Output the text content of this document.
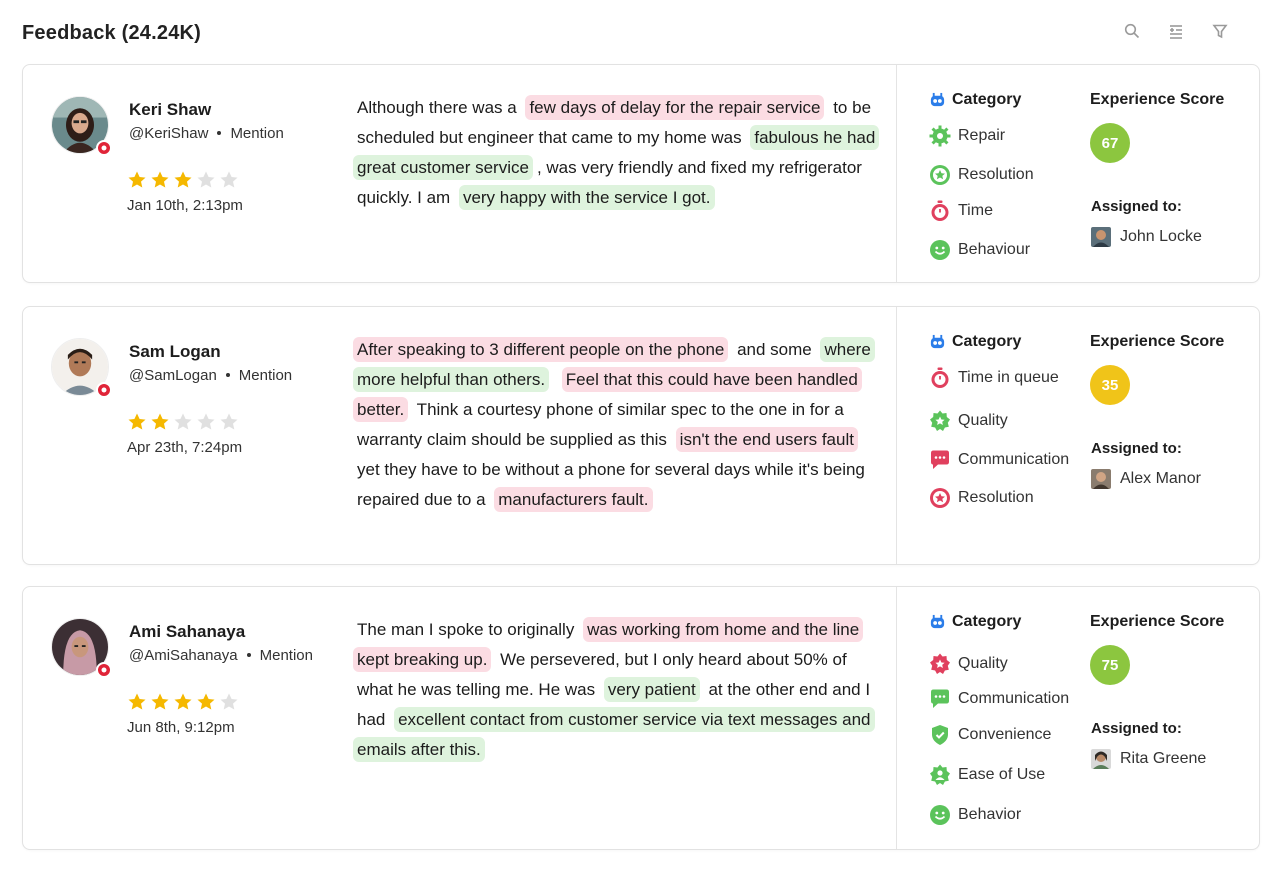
Feedback (24.24K)
Keri Shaw
@KeriShaw Mention
Jan 10th, 2:13pm
Although there was a few days of delay for the repair service to be scheduled but engineer that came to my home was fabulous he had great customer service , was very friendly and fixed my refrigerator quickly. I am very happy with the service I got.
Category	Experience Score
67
Assigned to:
John Locke
Repair
Resolution
Time
Behaviour
Sam Logan
@SamLogan Mention
Apr 23th, 7:24pm
After speaking to 3 different people on the phone and some where more helpful than others. Feel that this could have been handled better. Think a courtesy phone of similar spec to the one in for a warranty claim should be supplied as this isn't the end users fault yet they have to be without a phone for several days while it's being repaired due to a manufacturers fault.
Category	Experience Score
35
Assigned to:
Alex Manor
Time in queue
Quality
Communication
Resolution
Ami Sahanaya
@AmiSahanaya Mention
Jun 8th, 9:12pm
The man I spoke to originally was working from home and the line kept breaking up. We persevered, but I only heard about 50% of what he was telling me. He was very patient at the other end and I had excellent contact from customer service via text messages and emails after this.
Category	Experience Score
75
Assigned to:
Rita Greene
Quality
Communication
Convenience
Ease of Use
Behavior
